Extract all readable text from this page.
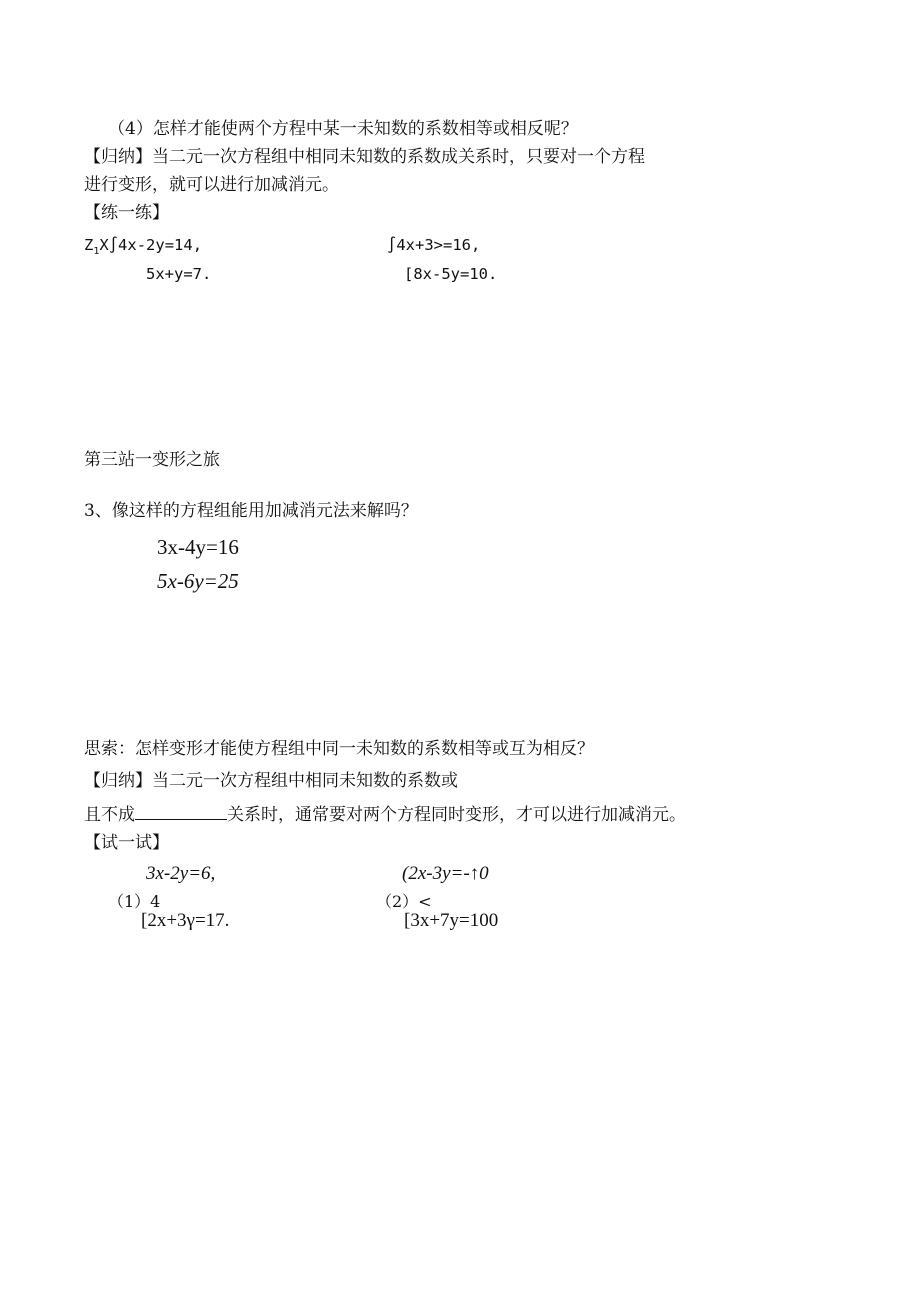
（4）怎样才能使两个方程中某一未知数的系数相等或相反呢？
【归纳】当二元一次方程组中相同未知数的系数成关系时，只要对一个方程
进行变形，就可以进行加减消元。
【练一练】
$Z_1X\int 4x-2y=14$,
5x+y=7.
∫4x+3>=16,
[8x-5y=10.
第三站一变形之旅
3、像这样的方程组能用加减消元法来解吗？
3x-4y=16
5x-6y=25
思索：怎样变形才能使方程组中同一未知数的系数相等或互为相反？
【归纳】当二元一次方程组中相同未知数的系数或
且不成	关系时，通常要对两个方程同时变形，才可以进行加减消元。
【试一试】
3x-2y=6,
（1）4
[2x+3γ=17.
(2x-3y=-↑0
（2）<
[3x+7y=100
